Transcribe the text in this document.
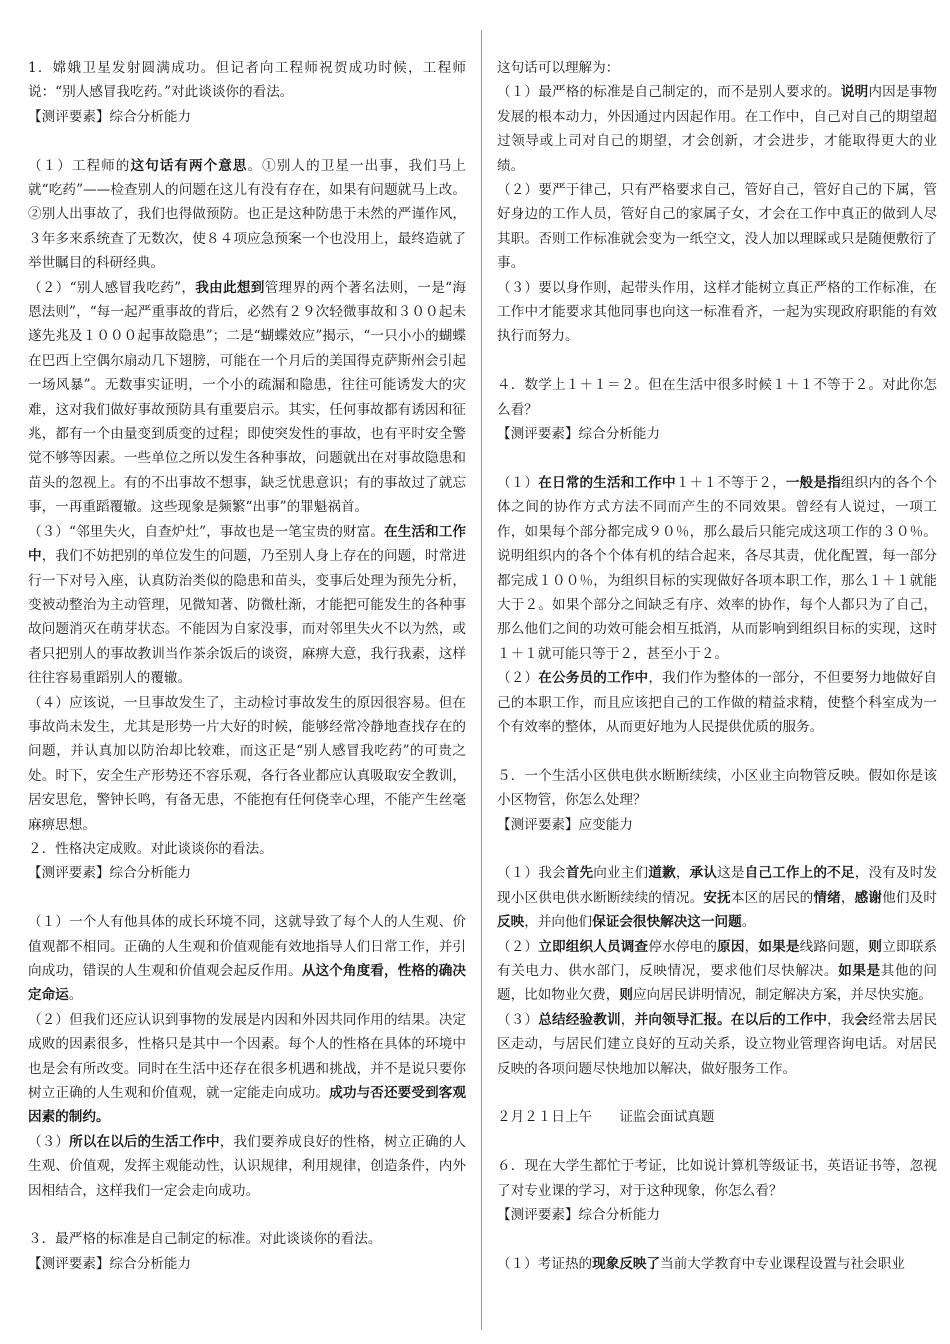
1．嫦娥卫星发射圆满成功。但记者向工程师祝贺成功时候，工程师说：“别人感冒我吃药。”对此谈谈你的看法。

【测评要素】综合分析能力

（１）工程师的这句话有两个意思。①别人的卫星一出事，我们马上就“吃药”——检查别人的问题在这儿有没有存在，如果有问题就马上改。②别人出事故了，我们也得做预防。也正是这种防患于未然的严谨作风，３年多来系统查了无数次，使８４项应急预案一个也没用上，最终造就了举世瞩目的科研经典。

（２）“别人感冒我吃药”，我由此想到管理界的两个著名法则，一是“海恩法则”，“每一起严重事故的背后，必然有２９次轻微事故和３００起未遂先兆及１０００起事故隐患”；二是“蝴蝶效应”揭示，“一只小小的蝴蝶在巴西上空偶尔扇动几下翅膀，可能在一个月后的美国得克萨斯州会引起一场风暴”。无数事实证明，一个小的疏漏和隐患，往往可能诱发大的灾难，这对我们做好事故预防具有重要启示。其实，任何事故都有诱因和征兆，都有一个由量变到质变的过程；即使突发性的事故，也有平时安全警觉不够等因素。一些单位之所以发生各种事故，问题就出在对事故隐患和苗头的忽视上。有的不出事故不想事，缺乏忧患意识；有的事故过了就忘事，一再重蹈覆辙。这些现象是频繁“出事”的罪魁祸首。

（３）“邻里失火，自查炉灶”，事故也是一笔宝贵的财富。在生活和工作中，我们不妨把别的单位发生的问题，乃至别人身上存在的问题，时常进行一下对号入座，认真防治类似的隐患和苗头，变事后处理为预先分析，变被动整治为主动管理，见微知著、防微杜渐，才能把可能发生的各种事故问题消灭在萌芽状态。不能因为自家没事，而对邻里失火不以为然，或者只把别人的事故教训当作茶余饭后的谈资，麻痹大意，我行我素，这样往往容易重蹈别人的覆辙。

（４）应该说，一旦事故发生了，主动检讨事故发生的原因很容易。但在事故尚未发生，尤其是形势一片大好的时候，能够经常冷静地查找存在的问题，并认真加以防治却比较难，而这正是“别人感冒我吃药”的可贵之处。时下，安全生产形势还不容乐观，各行各业都应认真吸取安全教训，居安思危，警钟长鸣，有备无患，不能抱有任何侥幸心理，不能产生丝毫麻痹思想。

２．性格决定成败。对此谈谈你的看法。

【测评要素】综合分析能力

（１）一个人有他具体的成长环境不同，这就导致了每个人的人生观、价值观都不相同。正确的人生观和价值观能有效地指导人们日常工作，并引向成功，错误的人生观和价值观会起反作用。从这个角度看，性格的确决定命运。

（２）但我们还应认识到事物的发展是内因和外因共同作用的结果。决定成败的因素很多，性格只是其中一个因素。每个人的性格在具体的环境中也是会有所改变。同时在生活中还存在很多机遇和挑战，并不是说只要你树立正确的人生观和价值观，就一定能走向成功。成功与否还要受到客观因素的制约。

（３）所以在以后的生活工作中，我们要养成良好的性格，树立正确的人生观、价值观，发挥主观能动性，认识规律，利用规律，创造条件，内外因相结合，这样我们一定会走向成功。

３．最严格的标准是自己制定的标准。对此谈谈你的看法。

【测评要素】综合分析能力

这句话可以理解为：

（１）最严格的标准是自己制定的，而不是别人要求的。说明内因是事物发展的根本动力，外因通过内因起作用。在工作中，自己对自己的期望超过领导或上司对自己的期望，才会创新，才会进步，才能取得更大的业绩。

（２）要严于律己，只有严格要求自己，管好自己，管好自己的下属，管好身边的工作人员，管好自己的家属子女，才会在工作中真正的做到人尽其职。否则工作标准就会变为一纸空文，没人加以理睬或只是随便敷衍了事。

（３）要以身作则，起带头作用，这样才能树立真正严格的工作标准，在工作中才能要求其他同事也向这一标准看齐，一起为实现政府职能的有效执行而努力。

４．数学上１＋１＝２。但在生活中很多时候１＋１不等于２。对此你怎么看？

【测评要素】综合分析能力

（１）在日常的生活和工作中１＋１不等于２，一般是指组织内的各个个体之间的协作方式方法不同而产生的不同效果。曾经有人说过，一项工作，如果每个部分都完成９０％，那么最后只能完成这项工作的３０％。说明组织内的各个个体有机的结合起来，各尽其责，优化配置，每一部分都完成１００％，为组织目标的实现做好各项本职工作，那么１＋１就能大于２。如果个部分之间缺乏有序、效率的协作，每个人都只为了自己，那么他们之间的功效可能会相互抵消，从而影响到组织目标的实现，这时１＋１就可能只等于２，甚至小于２。

（２）在公务员的工作中，我们作为整体的一部分，不但要努力地做好自己的本职工作，而且应该把自己的工作做的精益求精，使整个科室成为一个有效率的整体，从而更好地为人民提供优质的服务。

５．一个生活小区供电供水断断续续，小区业主向物管反映。假如你是该小区物管，你怎么处理？

【测评要素】应变能力

（１）我会首先向业主们道歉，承认这是自己工作上的不足，没有及时发现小区供电供水断断续续的情况。安抚本区的居民的情绪，感谢他们及时反映，并向他们保证会很快解决这一问题。

（２）立即组织人员调查停水停电的原因，如果是线路问题，则立即联系有关电力、供水部门，反映情况，要求他们尽快解决。如果是其他的问题，比如物业欠费，则应向居民讲明情况，制定解决方案，并尽快实施。

（３）总结经验教训，并向领导汇报。在以后的工作中，我会经常去居民区走动，与居民们建立良好的互动关系，设立物业管理咨询电话。对居民反映的各项问题尽快地加以解决，做好服务工作。

２月２１日上午　　证监会面试真题

６．现在大学生都忙于考证，比如说计算机等级证书，英语证书等，忽视了对专业课的学习，对于这种现象，你怎么看？

【测评要素】综合分析能力

（１）考证热的现象反映了当前大学教育中专业课程设置与社会职业
